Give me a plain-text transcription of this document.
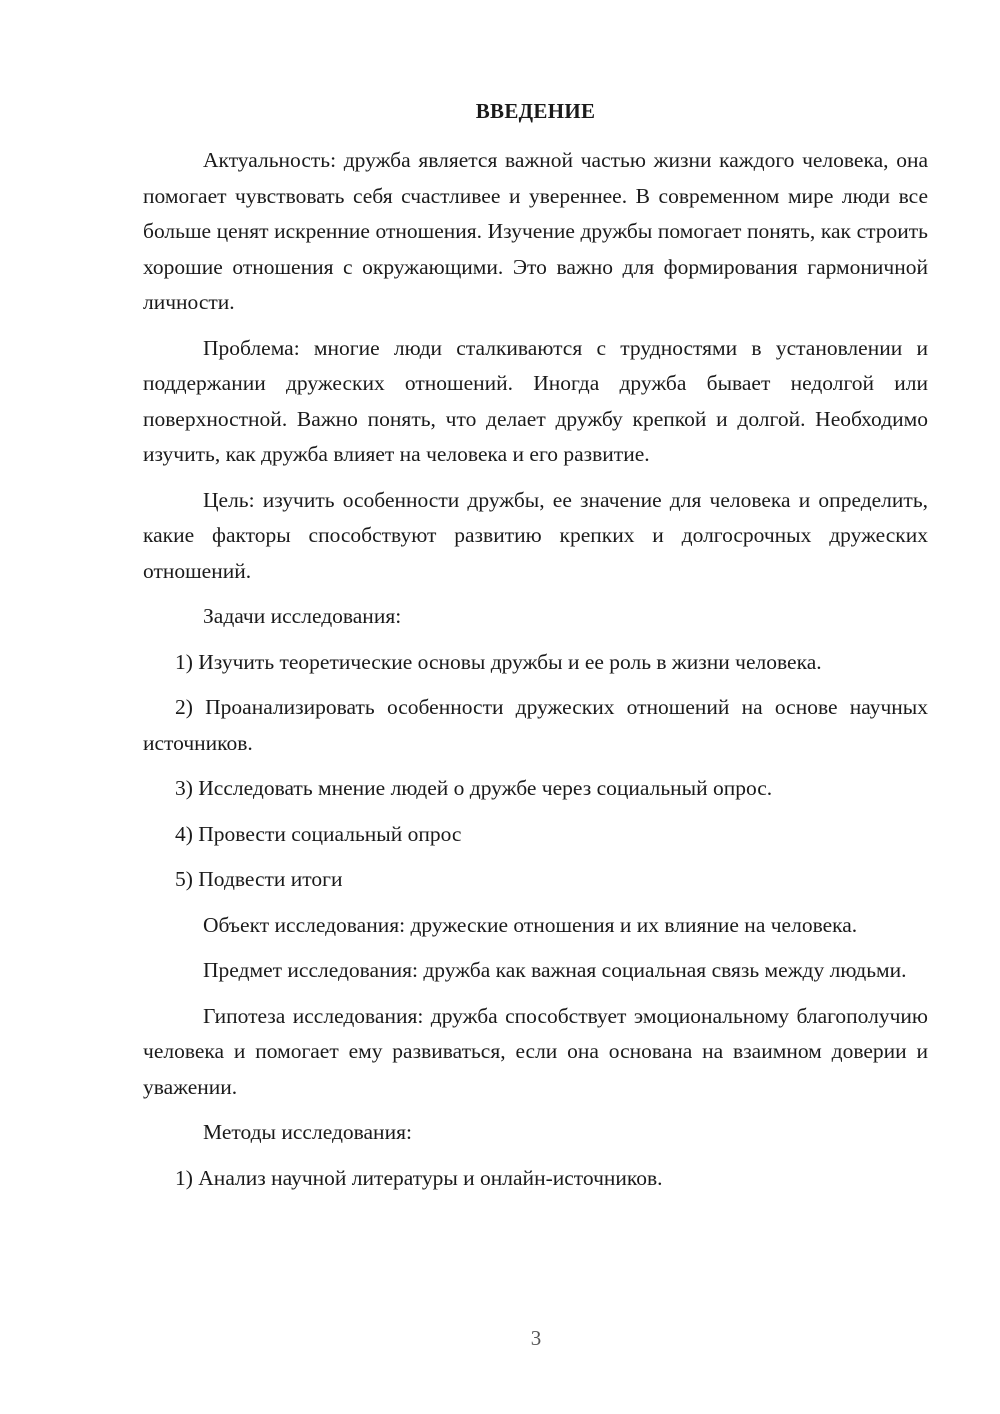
ВВЕДЕНИЕ

Актуальность: дружба является важной частью жизни каждого человека, она помогает чувствовать себя счастливее и увереннее. В современном мире люди все больше ценят искренние отношения. Изучение дружбы помогает понять, как строить хорошие отношения с окружающими. Это важно для формирования гармоничной личности.

Проблема: многие люди сталкиваются с трудностями в установлении и поддержании дружеских отношений. Иногда дружба бывает недолгой или поверхностной. Важно понять, что делает дружбу крепкой и долгой. Необходимо изучить, как дружба влияет на человека и его развитие.

Цель: изучить особенности дружбы, ее значение для человека и определить, какие факторы способствуют развитию крепких и долгосрочных дружеских отношений.

Задачи исследования:

1) Изучить теоретические основы дружбы и ее роль в жизни человека.

2) Проанализировать особенности дружеских отношений на основе научных источников.

3) Исследовать мнение людей о дружбе через социальный опрос.

4) Провести социальный опрос

5) Подвести итоги

Объект исследования: дружеские отношения и их влияние на человека.

Предмет исследования: дружба как важная социальная связь между людьми.

Гипотеза исследования: дружба способствует эмоциональному благополучию человека и помогает ему развиваться, если она основана на взаимном доверии и уважении.

Методы исследования:

1) Анализ научной литературы и онлайн-источников.

3
